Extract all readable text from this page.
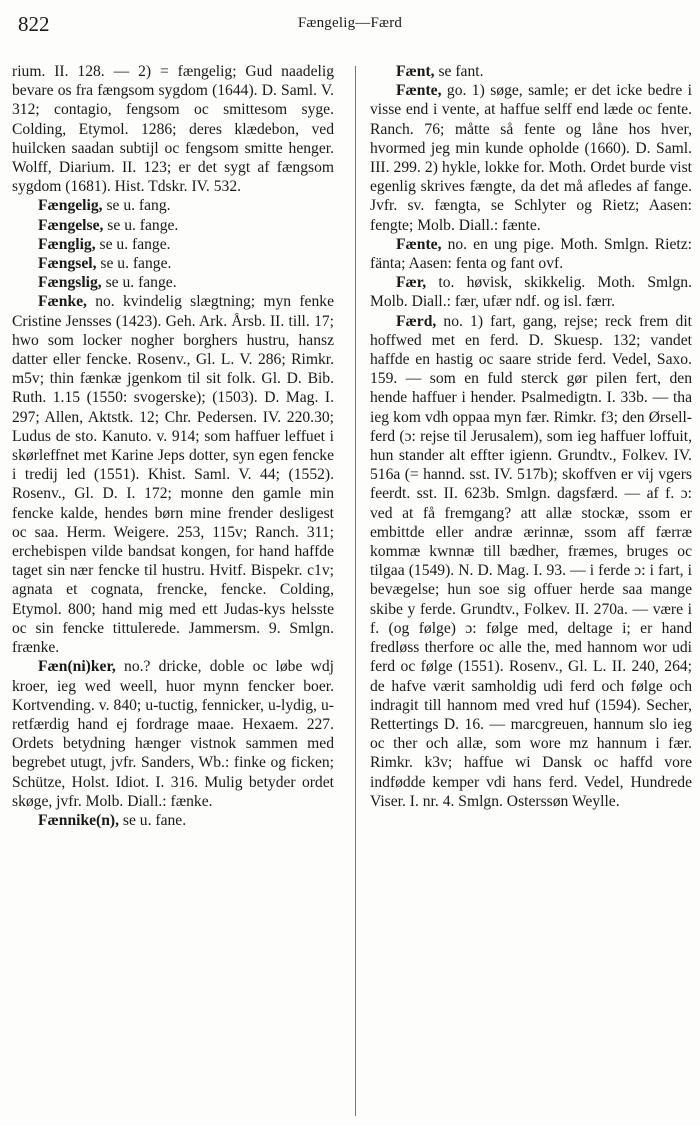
822	Fængelig—Færd

rium. II. 128. — 2) = fængelig; Gud naadelig bevare os fra fængsom sygdom (1644). D. Saml. V. 312; contagio, fengsom oc smittesom syge. Colding, Etymol. 1286; deres klædebon, ved huilcken saadan subtijl oc fengsom smitte henger. Wolff, Diarium. II. 123; er det sygt af fængsom sygdom (1681). Hist. Tdskr. IV. 532.

Fængelig, se u. fang.

Fængelse, se u. fange.

Fænglig, se u. fange.

Fængsel, se u. fange.

Fængslig, se u. fange.

Fænke, no. kvindelig slægtning; myn fenke Cristine Jensses (1423). Geh. Ark. Årsb. II. till. 17; hwo som locker nogher borghers hustru, hansz datter eller fencke. Rosenv., Gl. L. V. 286; Rimkr. m5v; thin fænkæ jgenkom til sit folk. Gl. D. Bib. Ruth. 1.15 (1550: svogerske); (1503). D. Mag. I. 297; Allen, Aktstk. 12; Chr. Pedersen. IV. 220.30; Ludus de sto. Kanuto. v. 914; som haffuer leffuet i skørleffnet met Karine Jeps dotter, syn egen fencke i tredij led (1551). Khist. Saml. V. 44; (1552). Rosenv., Gl. D. I. 172; monne den gamle min fencke kalde, hendes børn mine frender desligest oc saa. Herm. Weigere. 253, 115v; Ranch. 311; erchebispen vilde bandsat kongen, for hand haffde taget sin nær fencke til hustru. Hvitf. Bispekr. c1v; agnata et cognata, frencke, fencke. Colding, Etymol. 800; hand mig med ett Judas-kys helsste oc sin fencke tittulerede. Jammersm. 9. Smlgn. frænke.

Fæn(ni)ker, no.? dricke, doble oc løbe wdj kroer, ieg wed weell, huor mynn fencker boer. Kortvending. v. 840; u-tuctig, fennicker, u-lydig, u-retfærdig hand ej fordrage maae. Hexaem. 227. Ordets betydning hænger vistnok sammen med begrebet utugt, jvfr. Sanders, Wb.: finke og ficken; Schütze, Holst. Idiot. I. 316. Mulig betyder ordet skøge, jvfr. Molb. Diall.: fænke.

Fænnike(n), se u. fane.

Fænt, se fant.

Fænte, go. 1) søge, samle; er det icke bedre i visse end i vente, at haffue selff end læde oc fente. Ranch. 76; måtte så fente og låne hos hver, hvormed jeg min kunde opholde (1660). D. Saml. III. 299. 2) hykle, lokke for. Moth. Ordet burde vist egenlig skrives fængte, da det må afledes af fange. Jvfr. sv. fængta, se Schlyter og Rietz; Aasen: fengte; Molb. Diall.: fænte.

Fænte, no. en ung pige. Moth. Smlgn. Rietz: fänta; Aasen: fenta og fant ovf.

Fær, to. høvisk, skikkelig. Moth. Smlgn. Molb. Diall.: fær, ufær ndf. og isl. færr.

Færd, no. 1) fart, gang, rejse; reck frem dit hoffwed met en ferd. D. Skuesp. 132; vandet haffde en hastig oc saare stride ferd. Vedel, Saxo. 159. — som en fuld sterck gør pilen fert, den hende haffuer i hender. Psalmedigtn. I. 33b. — tha ieg kom vdh oppaa myn fær. Rimkr. f3; den Ørsell-ferd (ɔ: rejse til Jerusalem), som ieg haffuer loffuit, hun stander alt effter igienn. Grundtv., Folkev. IV. 516a (= hannd. sst. IV. 517b); skoffven er vij vgers feerdt. sst. II. 623b. Smlgn. dagsfærd. — af f. ɔ: ved at få fremgang? att allæ stockæ, ssom er embittde eller andræ ærinnæ, ssom aff færræ kommæ kwnnæ till bædher, fræmes, bruges oc tilgaa (1549). N. D. Mag. I. 93. — i ferde ɔ: i fart, i bevægelse; hun soe sig offuer herde saa mange skibe y ferde. Grundtv., Folkev. II. 270a. — være i f. (og følge) ɔ: følge med, deltage i; er hand fredløss therfore oc alle the, med hannom wor udi ferd oc følge (1551). Rosenv., Gl. L. II. 240, 264; de hafve værit samholdig udi ferd och følge och indragit till hannom med vred huf (1594). Secher, Rettertings D. 16. — marcgreuen, hannum slo ieg oc ther och allæ, som wore mz hannum i fær. Rimkr. k3v; haffue wi Dansk oc haffd vore indfødde kemper vdi hans ferd. Vedel, Hundrede Viser. I. nr. 4. Smlgn. Osterssøn Weylle.
